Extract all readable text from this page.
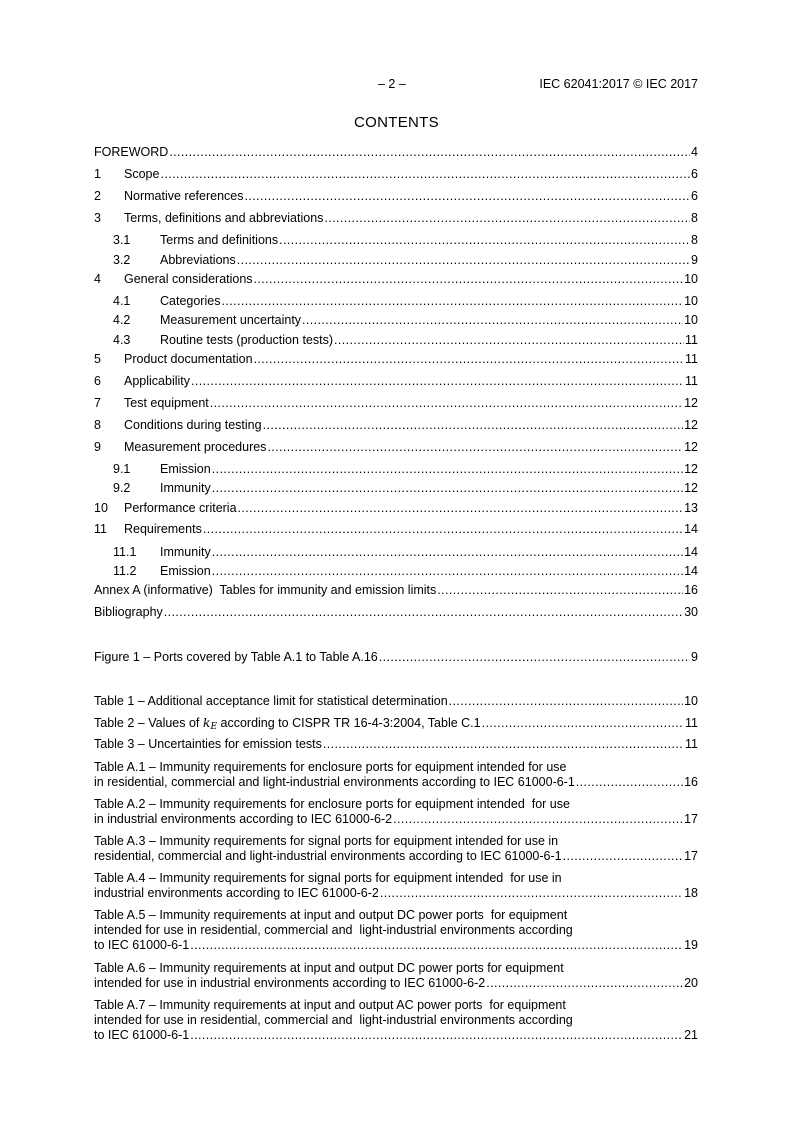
– 2 –	IEC 62041:2017 © IEC 2017
CONTENTS
FOREWORD .....	4
1	Scope .....	6
2	Normative references .....	6
3	Terms, definitions and abbreviations .....	8
3.1	Terms and definitions .....	8
3.2	Abbreviations .....	9
4	General considerations .....	10
4.1	Categories .....	10
4.2	Measurement uncertainty .....	10
4.3	Routine tests (production tests) .....	11
5	Product documentation .....	11
6	Applicability .....	11
7	Test equipment .....	12
8	Conditions during testing .....	12
9	Measurement procedures .....	12
9.1	Emission .....	12
9.2	Immunity .....	12
10	Performance criteria .....	13
11	Requirements .....	14
11.1	Immunity .....	14
11.2	Emission .....	14
Annex A (informative)  Tables for immunity and emission limits .....	16
Bibliography .....	30
Figure 1 – Ports covered by Table A.1 to Table A.16 .....	9
Table 1 – Additional acceptance limit for statistical determination .....	10
Table 2 – Values of $k_E$ according to CISPR TR 16-4-3:2004, Table C.1 .....	11
Table 3 – Uncertainties for emission tests .....	11
Table A.1 – Immunity requirements for enclosure ports for equipment intended for use
in residential, commercial and light-industrial environments according to IEC 61000-6-1 .....	16
Table A.2 – Immunity requirements for enclosure ports for equipment intended  for use
in industrial environments according to IEC 61000-6-2 .....	17
Table A.3 – Immunity requirements for signal ports for equipment intended for use in
residential, commercial and light-industrial environments according to IEC 61000-6-1 .....	17
Table A.4 – Immunity requirements for signal ports for equipment intended  for use in
industrial environments according to IEC 61000-6-2 .....	18
Table A.5 – Immunity requirements at input and output DC power ports  for equipment
intended for use in residential, commercial and  light-industrial environments according
to IEC 61000-6-1 .....	19
Table A.6 – Immunity requirements at input and output DC power ports for equipment
intended for use in industrial environments according to IEC 61000-6-2 .....	20
Table A.7 – Immunity requirements at input and output AC power ports  for equipment
intended for use in residential, commercial and  light-industrial environments according
to IEC 61000-6-1 .....	21
